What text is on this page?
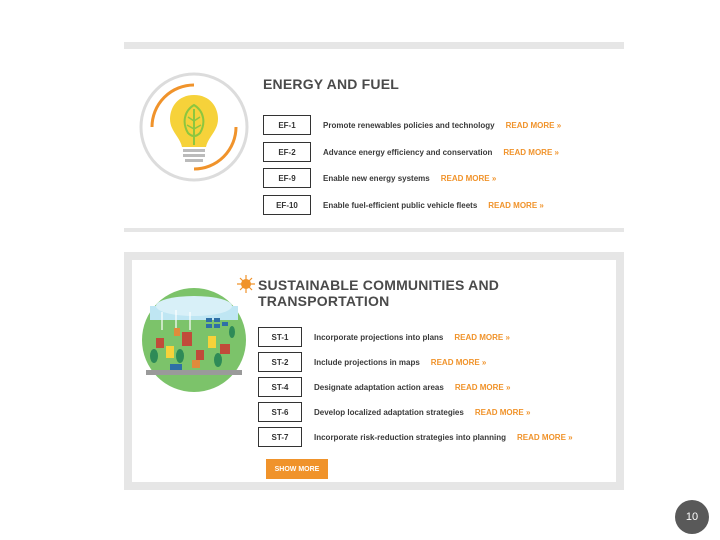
ENERGY AND FUEL
EF-1	Promote renewables policies and technology READ MORE »
EF-2	Advance energy efficiency and conservation READ MORE »
EF-9	Enable new energy systems READ MORE »
EF-10	Enable fuel-efficient public vehicle fleets READ MORE »
SUSTAINABLE COMMUNITIES AND
TRANSPORTATION
ST-1	Incorporate projections into plans READ MORE »
ST-2	Include projections in maps READ MORE »
ST-4	Designate adaptation action areas READ MORE »
ST-6	Develop localized adaptation strategies READ MORE »
ST-7	Incorporate risk-reduction strategies into planning READ MORE »
SHOW MORE
10
